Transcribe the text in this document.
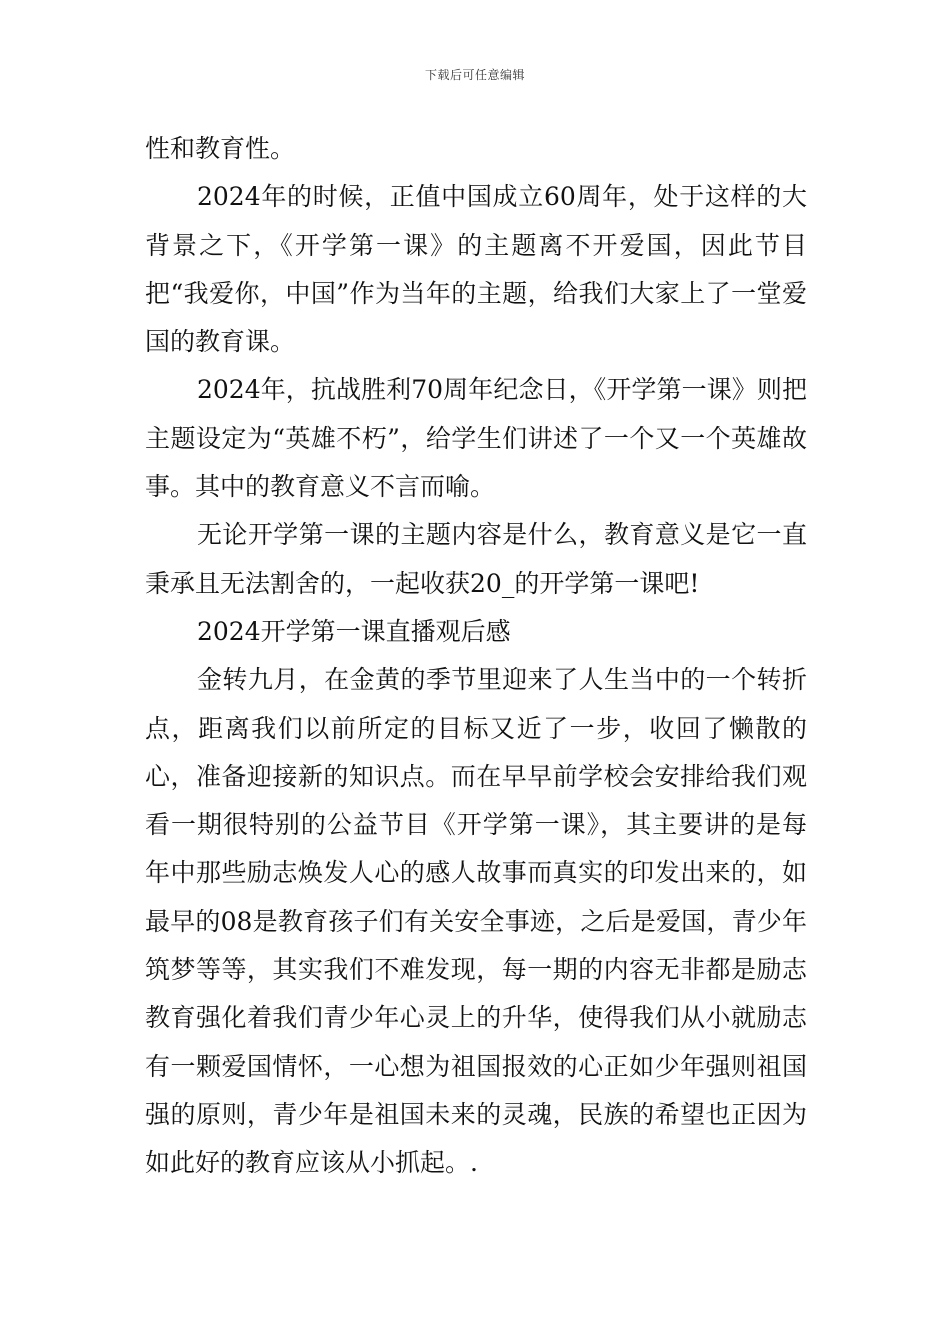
下载后可任意编辑

性和教育性。

2024年的时候，正值中国成立60周年，处于这样的大背景之下，《开学第一课》的主题离不开爱国，因此节目把“我爱你，中国”作为当年的主题，给我们大家上了一堂爱国的教育课。

2024年，抗战胜利70周年纪念日，《开学第一课》则把主题设定为“英雄不朽”，给学生们讲述了一个又一个英雄故事。其中的教育意义不言而喻。

无论开学第一课的主题内容是什么，教育意义是它一直秉承且无法割舍的，一起收获20_的开学第一课吧!

2024开学第一课直播观后感

金转九月，在金黄的季节里迎来了人生当中的一个转折点，距离我们以前所定的目标又近了一步，收回了懒散的心，准备迎接新的知识点。而在早早前学校会安排给我们观看一期很特别的公益节目《开学第一课》，其主要讲的是每年中那些励志焕发人心的感人故事而真实的印发出来的，如最早的08是教育孩子们有关安全事迹，之后是爱国，青少年筑梦等等，其实我们不难发现，每一期的内容无非都是励志教育强化着我们青少年心灵上的升华，使得我们从小就励志有一颗爱国情怀，一心想为祖国报效的心正如少年强则祖国强的原则，青少年是祖国未来的灵魂，民族的希望也正因为如此好的教育应该从小抓起。.
